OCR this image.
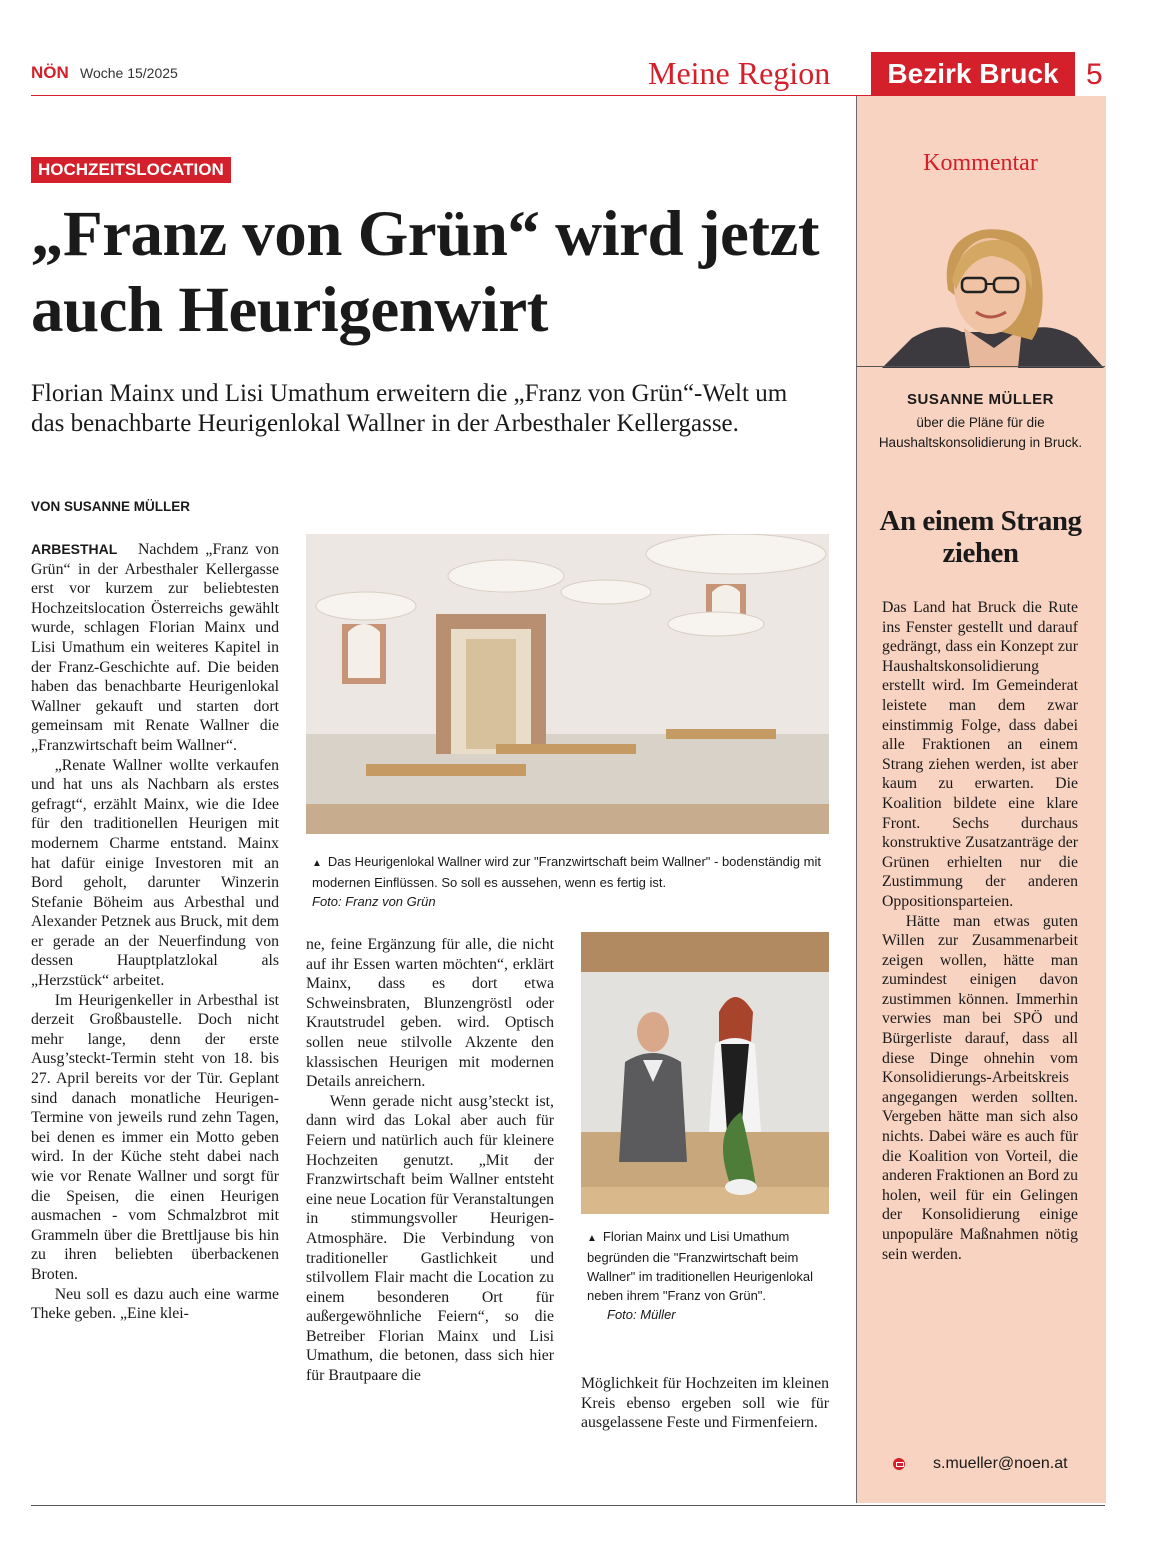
NÖN Woche 15/2025	Meine Region	Bezirk Bruck 5
Kommentar
SUSANNE MÜLLER
über die Pläne für die Haushaltskonsolidierung in Bruck.
An einem Strang ziehen

Das Land hat Bruck die Rute ins Fenster gestellt und darauf gedrängt, dass ein Konzept zur Haushaltskonsolidierung erstellt wird. Im Gemeinderat leistete man dem zwar einstimmig Folge, dass dabei alle Fraktionen an einem Strang ziehen werden, ist aber kaum zu erwarten. Die Koalition bildete eine klare Front. Sechs durchaus konstruktive Zusatzanträge der Grünen erhielten nur die Zustimmung der anderen Oppositionsparteien.

Hätte man etwas guten Willen zur Zusammenarbeit zeigen wollen, hätte man zumindest einigen davon zustimmen können. Immerhin verwies man bei SPÖ und Bürgerliste darauf, dass all diese Dinge ohnehin vom Konsolidierungs-Arbeitskreis angegangen werden sollten. Vergeben hätte man sich also nichts. Dabei wäre es auch für die Koalition von Vorteil, die anderen Fraktionen an Bord zu holen, weil für ein Gelingen der Konsolidierung einige unpopuläre Maßnahmen nötig sein werden.

s.mueller@noen.at
HOCHZEITSLOCATION
„Franz von Grün“ wird jetzt auch Heurigenwirt
Florian Mainx und Lisi Umathum erweitern die „Franz von Grün“-Welt um das benachbarte Heurigenlokal Wallner in der Arbesthaler Kellergasse.
VON SUSANNE MÜLLER

ARBESTHAL Nachdem „Franz von Grün“ in der Arbesthaler Kellergasse erst vor kurzem zur beliebtesten Hochzeitslocation Österreichs gewählt wurde, schlagen Florian Mainx und Lisi Umathum ein weiteres Kapitel in der Franz-Geschichte auf. Die beiden haben das benachbarte Heurigenlokal Wallner gekauft und starten dort gemeinsam mit Renate Wallner die „Franzwirtschaft beim Wallner“.

„Renate Wallner wollte verkaufen und hat uns als Nachbarn als erstes gefragt“, erzählt Mainx, wie die Idee für den traditionellen Heurigen mit modernem Charme entstand. Mainx hat dafür einige Investoren mit an Bord geholt, darunter Winzerin Stefanie Böheim aus Arbesthal und Alexander Petznek aus Bruck, mit dem er gerade an der Neuerfindung von dessen Hauptplatzlokal als „Herzstück“ arbeitet.

Im Heurigenkeller in Arbesthal ist derzeit Großbaustelle. Doch nicht mehr lange, denn der erste Ausg’steckt-Termin steht von 18. bis 27. April bereits vor der Tür. Geplant sind danach monatliche Heurigen-Termine von jeweils rund zehn Tagen, bei denen es immer ein Motto geben wird. In der Küche steht dabei nach wie vor Renate Wallner und sorgt für die Speisen, die einen Heurigen ausmachen - vom Schmalzbrot mit Grammeln über die Brettljause bis hin zu ihren beliebten überbackenen Broten.

Neu soll es dazu auch eine warme Theke geben. „Eine klei-

▲ Das Heurigenlokal Wallner wird zur "Franzwirtschaft beim Wallner" - bodenständig mit modernen Einflüssen. So soll es aussehen, wenn es fertig ist.
Foto: Franz von Grün

ne, feine Ergänzung für alle, die nicht auf ihr Essen warten möchten“, erklärt Mainx, dass es dort etwa Schweinsbraten, Blunzengröstl oder Krautstrudel geben. wird. Optisch sollen neue stilvolle Akzente den klassischen Heurigen mit modernen Details anreichern.

Wenn gerade nicht ausg’steckt ist, dann wird das Lokal aber auch für Feiern und natürlich auch für kleinere Hochzeiten genutzt. „Mit der Franzwirtschaft beim Wallner entsteht eine neue Location für Veranstaltungen in stimmungsvoller Heurigen-Atmosphäre. Die Verbindung von traditioneller Gastlichkeit und stilvollem Flair macht die Location zu einem besonderen Ort für außergewöhnliche Feiern“, so die Betreiber Florian Mainx und Lisi Umathum, die betonen, dass sich hier für Brautpaare die

▲ Florian Mainx und Lisi Umathum begründen die "Franzwirtschaft beim Wallner" im traditionellen Heurigenlokal neben ihrem "Franz von Grün".
Foto: Müller

Möglichkeit für Hochzeiten im kleinen Kreis ebenso ergeben soll wie für ausgelassene Feste und Firmenfeiern.
